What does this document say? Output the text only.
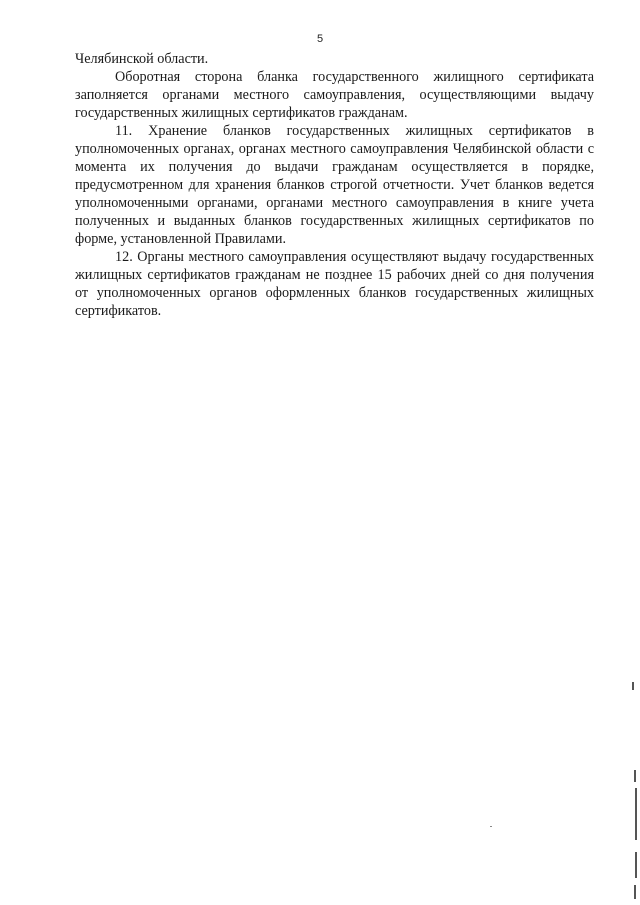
5

Челябинской области.

Оборотная сторона бланка государственного жилищного сертификата заполняется органами местного самоуправления, осуществляющими выдачу государственных жилищных сертификатов гражданам.

11. Хранение бланков государственных жилищных сертификатов в уполномоченных органах, органах местного самоуправления Челябинской области с момента их получения до выдачи гражданам осуществляется в порядке, предусмотренном для хранения бланков строгой отчетности. Учет бланков ведется уполномоченными органами, органами местного самоуправления в книге учета полученных и выданных бланков государственных жилищных сертификатов по форме, установленной Правилами.

12. Органы местного самоуправления осуществляют выдачу государственных жилищных сертификатов гражданам не позднее 15 рабочих дней со дня получения от уполномоченных органов оформленных бланков государственных жилищных сертификатов.
